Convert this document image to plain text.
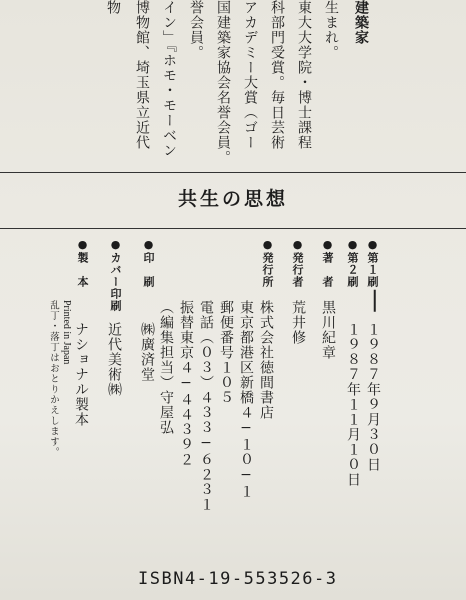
建築家
生まれ。
東大大学院・博士課程
科部門受賞。毎日芸術
アカデミー大賞（ゴー
国建築家協会名誉会員。
誉会員。
イン」『ホモ・モーベン
博物館、埼玉県立近代
物
共生の思想
●第１刷
●第２刷
●著　者
●発行者
●発行所
●印　刷
●カバー印刷
●製　本
１９８７年９月３０日
１９８７年１１月１０日
黒川紀章
荒井修
株式会社徳間書店
東京都港区新橋４−１０−１
郵便番号１０５
電話（０３）４３３−６２３１
振替東京４−４４３９２
（編集担当）守屋弘
㈱廣済堂
近代美術㈱
ナショナル製本
Printed in Japan
乱丁・落丁はおとりかえします。
ISBN4-19-553526-3
